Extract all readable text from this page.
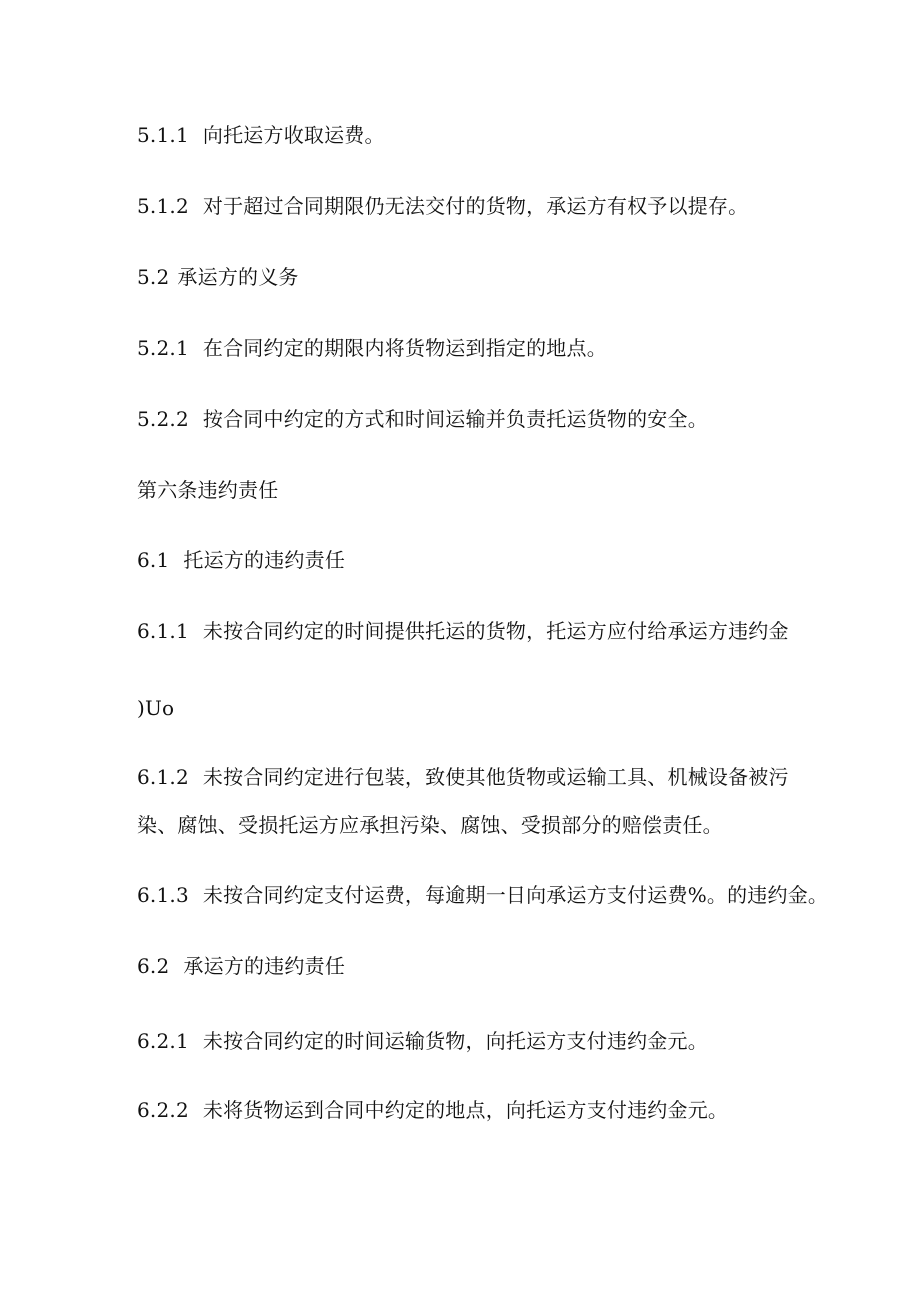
5.1.1 向托运方收取运费。
5.1.2 对于超过合同期限仍无法交付的货物，承运方有权予以提存。
5.2 承运方的义务
5.2.1 在合同约定的期限内将货物运到指定的地点。
5.2.2 按合同中约定的方式和时间运输并负责托运货物的安全。
第六条违约责任
6.1 托运方的违约责任
6.1.1 未按合同约定的时间提供托运的货物，托运方应付给承运方违约金
)Uo
6.1.2 未按合同约定进行包装，致使其他货物或运输工具、机械设备被污
染、腐蚀、受损托运方应承担污染、腐蚀、受损部分的赔偿责任。
6.1.3 未按合同约定支付运费，每逾期一日向承运方支付运费%。的违约金。
6.2 承运方的违约责任
6.2.1 未按合同约定的时间运输货物，向托运方支付违约金元。
6.2.2 未将货物运到合同中约定的地点，向托运方支付违约金元。
